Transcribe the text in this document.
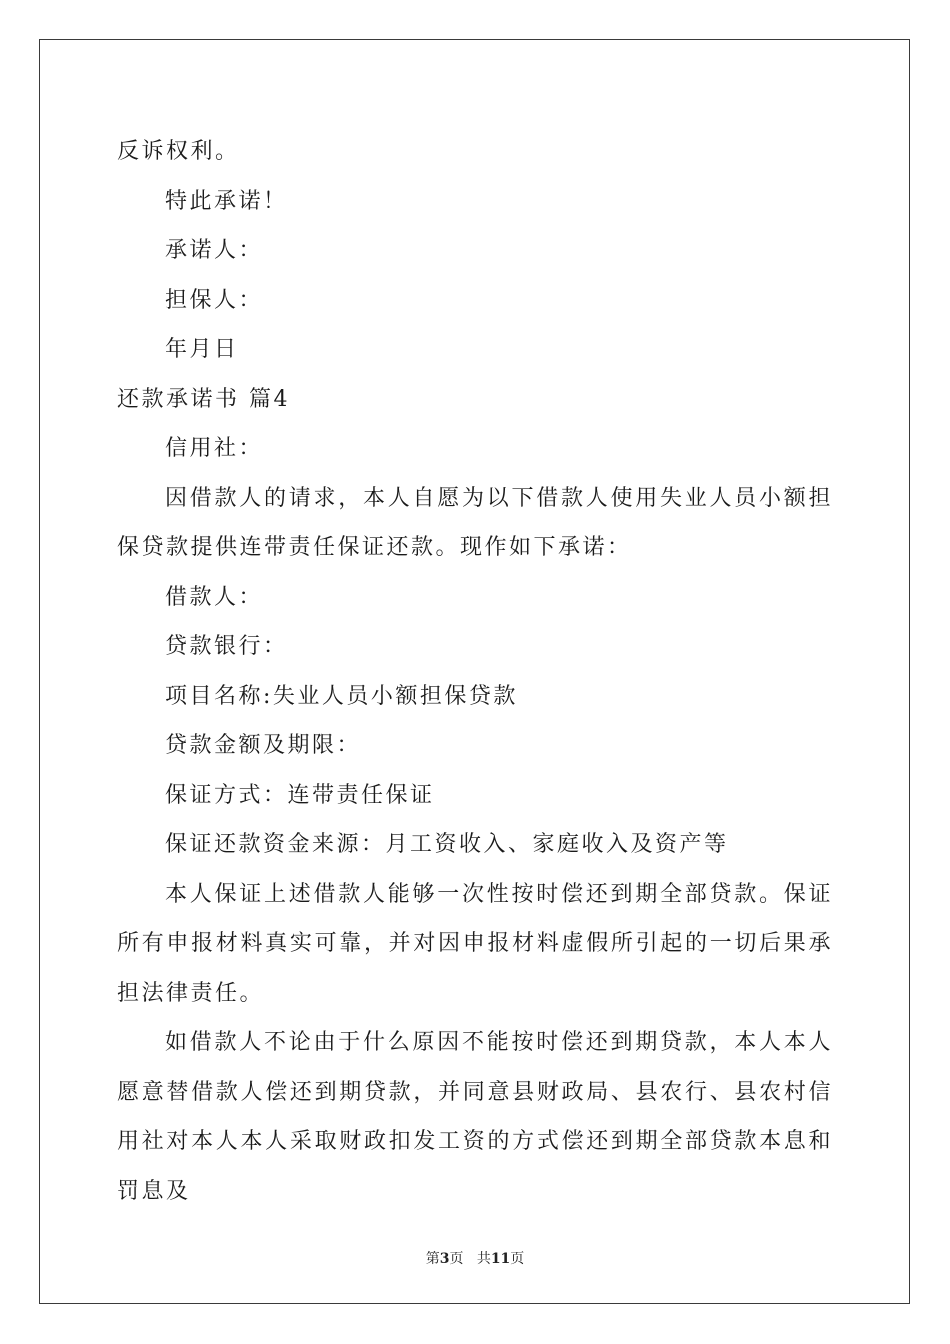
反诉权利。

特此承诺！

承诺人：

担保人：

年月日

还款承诺书 篇4

信用社：

因借款人的请求，本人自愿为以下借款人使用失业人员小额担保贷款提供连带责任保证还款。现作如下承诺：

借款人：

贷款银行：

项目名称:失业人员小额担保贷款

贷款金额及期限：

保证方式：连带责任保证

保证还款资金来源：月工资收入、家庭收入及资产等

本人保证上述借款人能够一次性按时偿还到期全部贷款。保证所有申报材料真实可靠，并对因申报材料虚假所引起的一切后果承担法律责任。

如借款人不论由于什么原因不能按时偿还到期贷款，本人本人愿意替借款人偿还到期贷款，并同意县财政局、县农行、县农村信用社对本人本人采取财政扣发工资的方式偿还到期全部贷款本息和罚息及

第3页 共11页
